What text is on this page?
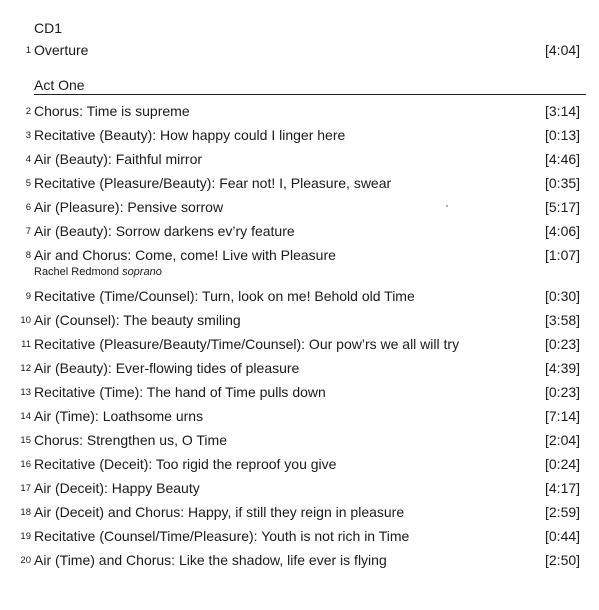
CD1
1 Overture	[4:04]
Act One
2 Chorus: Time is supreme	[3:14]
3 Recitative (Beauty): How happy could I linger here	[0:13]
4 Air (Beauty): Faithful mirror	[4:46]
5 Recitative (Pleasure/Beauty): Fear not! I, Pleasure, swear	[0:35]
6 Air (Pleasure): Pensive sorrow	[5:17]
7 Air (Beauty): Sorrow darkens ev’ry feature	[4:06]
8 Air and Chorus: Come, come! Live with Pleasure	[1:07]
Rachel Redmond soprano
9 Recitative (Time/Counsel): Turn, look on me! Behold old Time	[0:30]
10 Air (Counsel): The beauty smiling	[3:58]
11 Recitative (Pleasure/Beauty/Time/Counsel): Our pow’rs we all will try	[0:23]
12 Air (Beauty): Ever-flowing tides of pleasure	[4:39]
13 Recitative (Time): The hand of Time pulls down	[0:23]
14 Air (Time): Loathsome urns	[7:14]
15 Chorus: Strengthen us, O Time	[2:04]
16 Recitative (Deceit): Too rigid the reproof you give	[0:24]
17 Air (Deceit): Happy Beauty	[4:17]
18 Air (Deceit) and Chorus: Happy, if still they reign in pleasure	[2:59]
19 Recitative (Counsel/Time/Pleasure): Youth is not rich in Time	[0:44]
20 Air (Time) and Chorus: Like the shadow, life ever is flying	[2:50]
